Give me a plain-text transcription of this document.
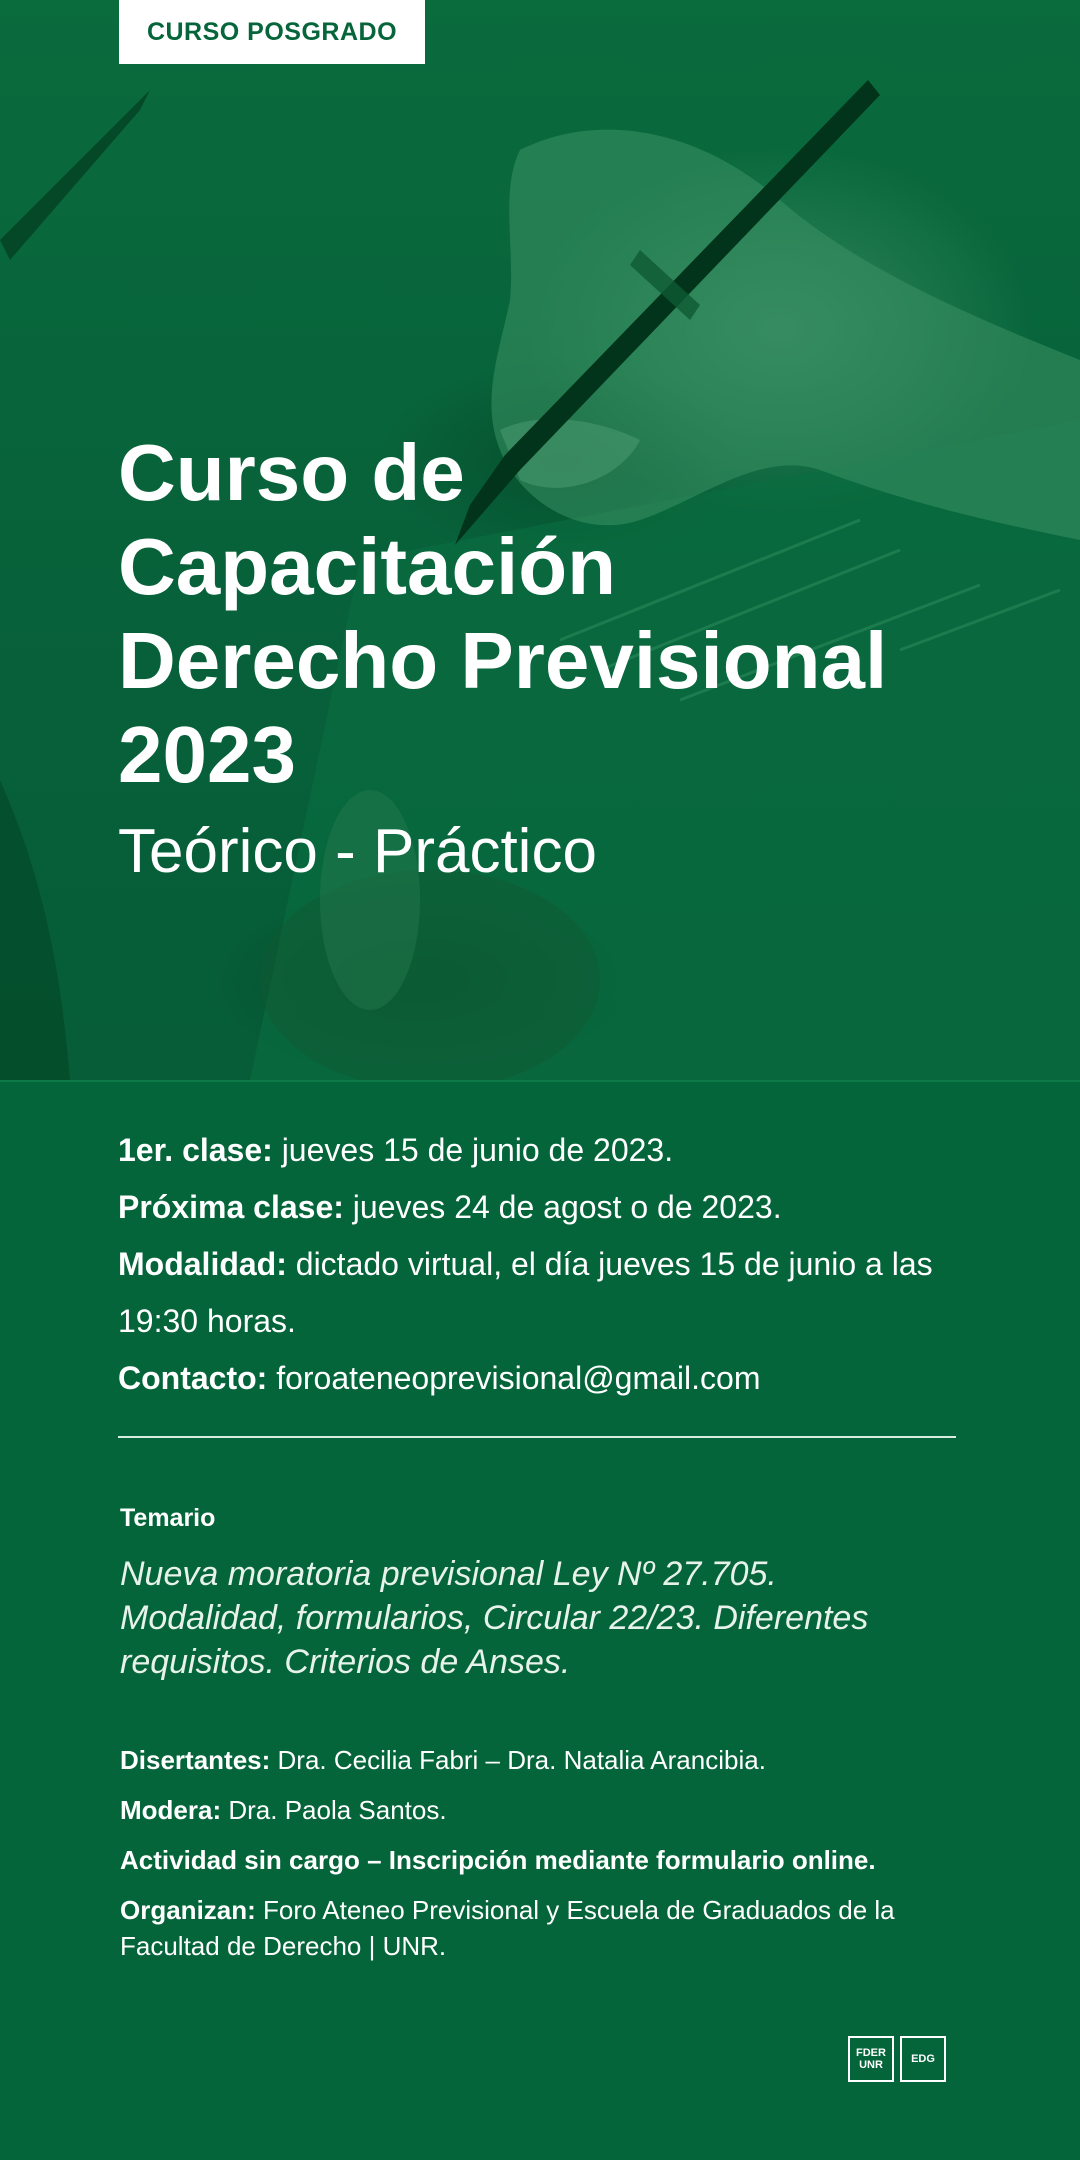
CURSO POSGRADO
Curso de
Capacitación
Derecho Previsional
2023

Teórico - Práctico

1er. clase: jueves 15 de junio de 2023.

Próxima clase: jueves 24 de agost o de 2023.

Modalidad: dictado virtual, el día jueves 15 de junio a las 19:30 horas.

Contacto: foroateneoprevisional@gmail.com

Temario

Nueva moratoria previsional Ley Nº 27.705. Modalidad, formularios, Circular 22/23. Diferentes requisitos. Criterios de Anses.

Disertantes: Dra. Cecilia Fabri – Dra. Natalia Arancibia.

Modera: Dra. Paola Santos.

Actividad sin cargo – Inscripción mediante formulario online.

Organizan: Foro Ateneo Previsional y Escuela de Graduados de la Facultad de Derecho | UNR.

FDER
UNR	EDG
